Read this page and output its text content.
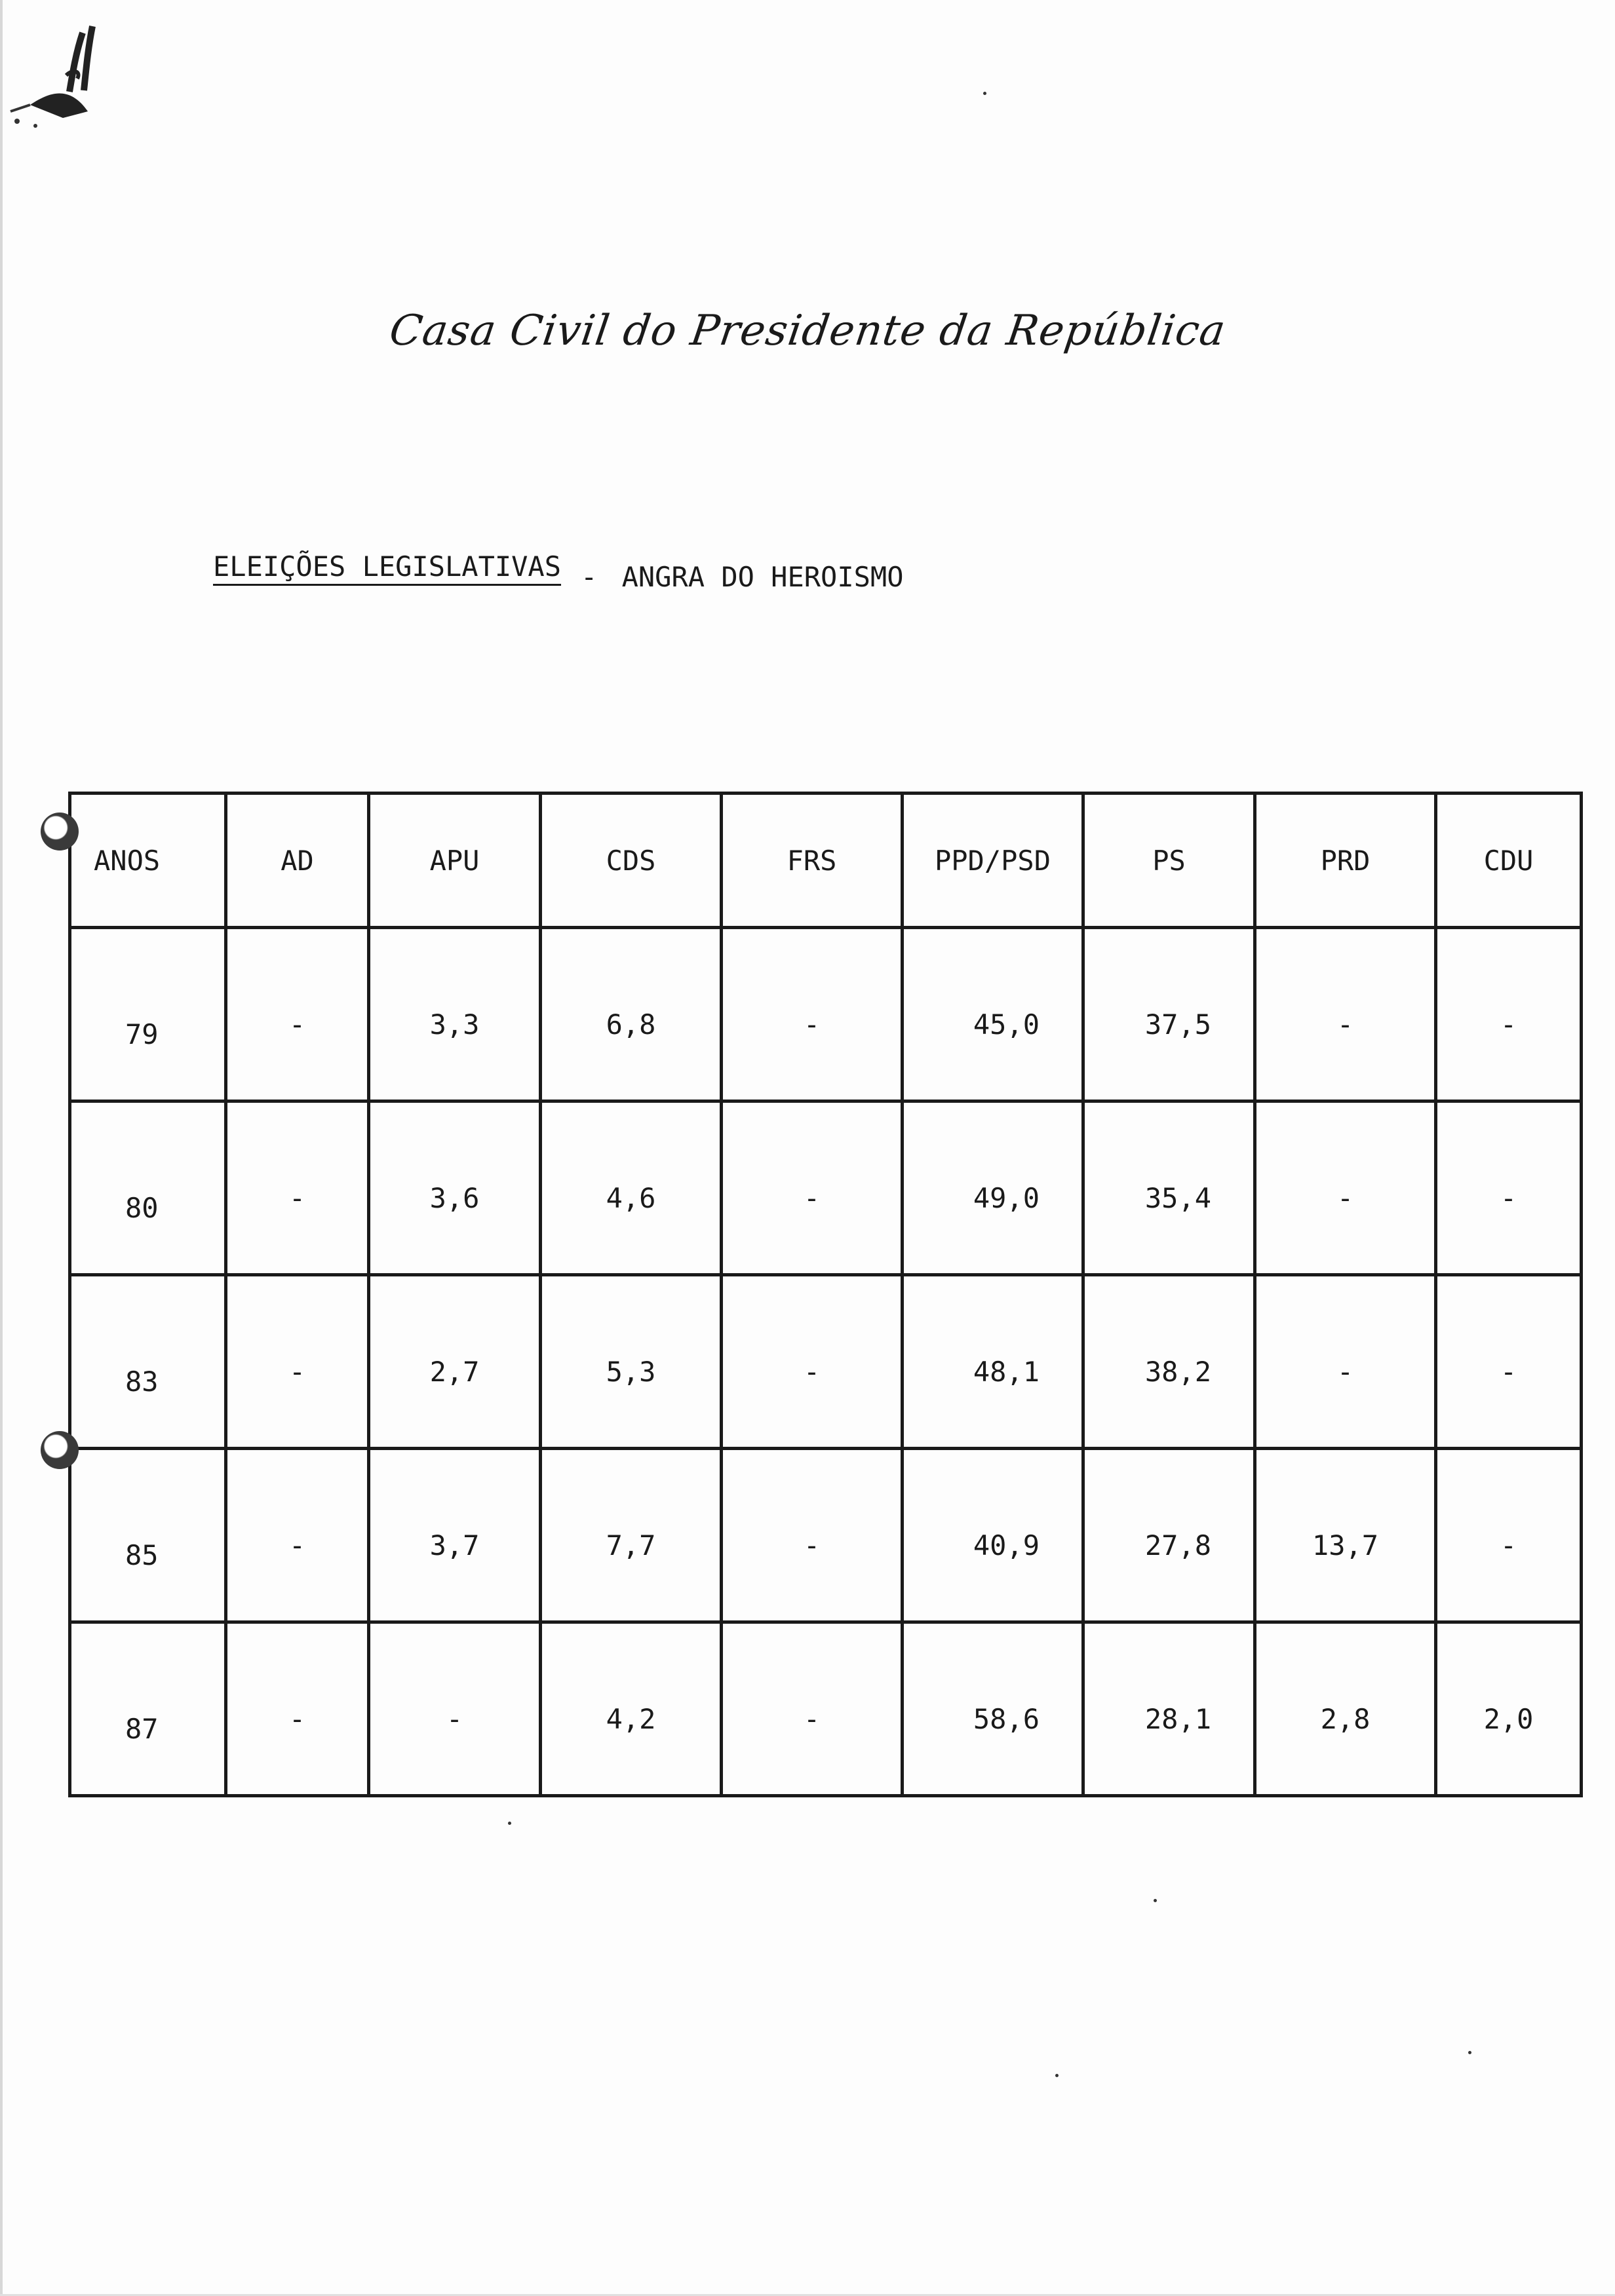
Casa Civil do Presidente da República
ELEIÇÕES LEGISLATIVAS - ANGRA DO HEROISMO
ANOS	AD	APU	CDS	FRS	PPD/PSD	PS	PRD	CDU
79	-	3,3	6,8	-	45,0	37,5	-	-
80	-	3,6	4,6	-	49,0	35,4	-	-
83	-	2,7	5,3	-	48,1	38,2	-	-
85	-	3,7	7,7	-	40,9	27,8	13,7	-
87	-	-	4,2	-	58,6	28,1	2,8	2,0
